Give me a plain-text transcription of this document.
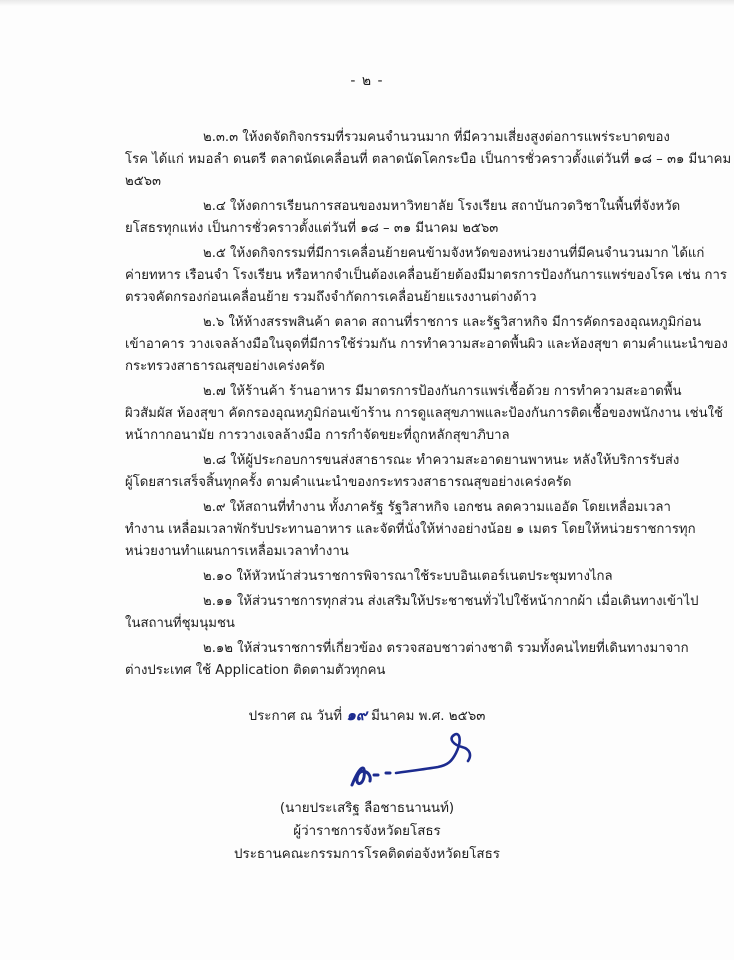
- ๒ -
๒.๓.๓ ให้งดจัดกิจกรรมที่รวมคนจำนวนมาก ที่มีความเสี่ยงสูงต่อการแพร่ระบาดของ
โรค ได้แก่ หมอลำ ดนตรี ตลาดนัดเคลื่อนที่ ตลาดนัดโคกระบือ เป็นการชั่วคราวตั้งแต่วันที่ ๑๘ – ๓๑ มีนาคม
๒๕๖๓
๒.๔ ให้งดการเรียนการสอนของมหาวิทยาลัย โรงเรียน สถาบันกวดวิชาในพื้นที่จังหวัด
ยโสธรทุกแห่ง เป็นการชั่วคราวตั้งแต่วันที่ ๑๘ – ๓๑ มีนาคม ๒๕๖๓
๒.๕ ให้งดกิจกรรมที่มีการเคลื่อนย้ายคนข้ามจังหวัดของหน่วยงานที่มีคนจำนวนมาก ได้แก่
ค่ายทหาร เรือนจำ โรงเรียน หรือหากจำเป็นต้องเคลื่อนย้ายต้องมีมาตรการป้องกันการแพร่ของโรค เช่น การ
ตรวจคัดกรองก่อนเคลื่อนย้าย รวมถึงจำกัดการเคลื่อนย้ายแรงงานต่างด้าว
๒.๖ ให้ห้างสรรพสินค้า ตลาด สถานที่ราชการ และรัฐวิสาหกิจ มีการคัดกรองอุณหภูมิก่อน
เข้าอาคาร วางเจลล้างมือในจุดที่มีการใช้ร่วมกัน การทำความสะอาดพื้นผิว และห้องสุขา ตามคำแนะนำของ
กระทรวงสาธารณสุขอย่างเคร่งครัด
๒.๗ ให้ร้านค้า ร้านอาหาร มีมาตรการป้องกันการแพร่เชื้อด้วย การทำความสะอาดพื้น
ผิวสัมผัส ห้องสุขา คัดกรองอุณหภูมิก่อนเข้าร้าน การดูแลสุขภาพและป้องกันการติดเชื้อของพนักงาน เช่นใช้
หน้ากากอนามัย การวางเจลล้างมือ การกำจัดขยะที่ถูกหลักสุขาภิบาล
๒.๘ ให้ผู้ประกอบการขนส่งสาธารณะ ทำความสะอาดยานพาหนะ หลังให้บริการรับส่ง
ผู้โดยสารเสร็จสิ้นทุกครั้ง ตามคำแนะนำของกระทรวงสาธารณสุขอย่างเคร่งครัด
๒.๙ ให้สถานที่ทำงาน ทั้งภาครัฐ รัฐวิสาหกิจ เอกชน ลดความแออัด โดยเหลื่อมเวลา
ทำงาน เหลื่อมเวลาพักรับประทานอาหาร และจัดที่นั่งให้ห่างอย่างน้อย ๑ เมตร โดยให้หน่วยราชการทุก
หน่วยงานทำแผนการเหลื่อมเวลาทำงาน
๒.๑๐ ให้หัวหน้าส่วนราชการพิจารณาใช้ระบบอินเตอร์เนตประชุมทางไกล
๒.๑๑ ให้ส่วนราชการทุกส่วน ส่งเสริมให้ประชาชนทั่วไปใช้หน้ากากผ้า เมื่อเดินทางเข้าไป
ในสถานที่ชุมนุมชน
๒.๑๒ ให้ส่วนราชการที่เกี่ยวข้อง ตรวจสอบชาวต่างชาติ รวมทั้งคนไทยที่เดินทางมาจาก
ต่างประเทศ ใช้ Application ติดตามตัวทุกคน
ประกาศ ณ วันที่ ๑๙ มีนาคม พ.ศ. ๒๕๖๓
(นายประเสริฐ ลือชาธนานนท์)
ผู้ว่าราชการจังหวัดยโสธร
ประธานคณะกรรมการโรคติดต่อจังหวัดยโสธร
